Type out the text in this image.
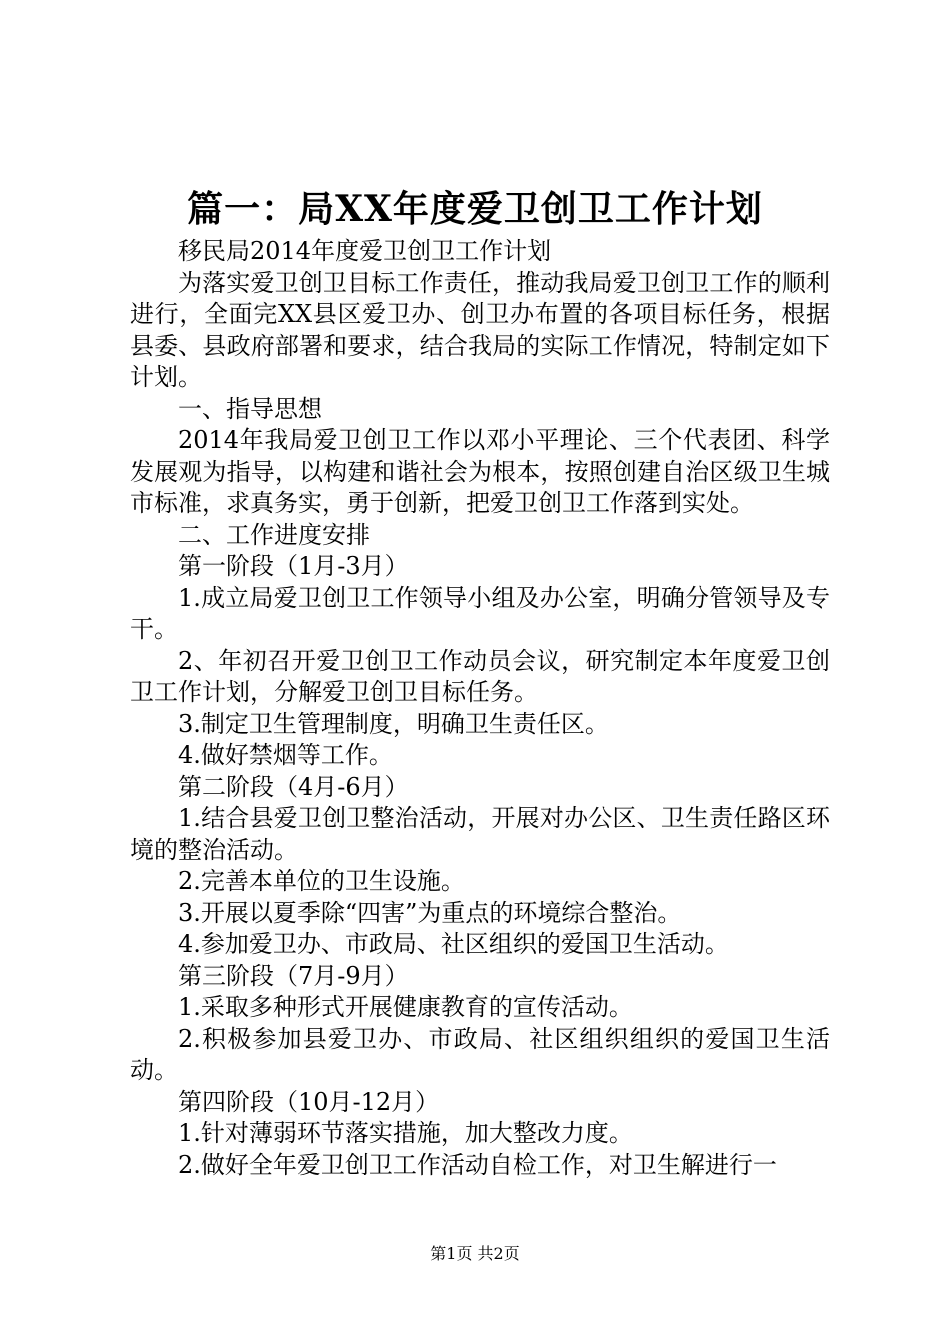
篇一：局XX年度爱卫创卫工作计划

移民局2014年度爱卫创卫工作计划

为落实爱卫创卫目标工作责任，推动我局爱卫创卫工作的顺利进行，全面完XX县区爱卫办、创卫办布置的各项目标任务，根据县委、县政府部署和要求，结合我局的实际工作情况，特制定如下计划。

一、指导思想

2014年我局爱卫创卫工作以邓小平理论、三个代表团、科学发展观为指导，以构建和谐社会为根本，按照创建自治区级卫生城市标准，求真务实，勇于创新，把爱卫创卫工作落到实处。

二、工作进度安排

第一阶段（1月-3月）

1.成立局爱卫创卫工作领导小组及办公室，明确分管领导及专干。

2、年初召开爱卫创卫工作动员会议，研究制定本年度爱卫创卫工作计划，分解爱卫创卫目标任务。

3.制定卫生管理制度，明确卫生责任区。

4.做好禁烟等工作。

第二阶段（4月-6月）

1.结合县爱卫创卫整治活动，开展对办公区、卫生责任路区环境的整治活动。

2.完善本单位的卫生设施。

3.开展以夏季除“四害”为重点的环境综合整治。

4.参加爱卫办、市政局、社区组织的爱国卫生活动。

第三阶段（7月-9月）

1.采取多种形式开展健康教育的宣传活动。

2.积极参加县爱卫办、市政局、社区组织组织的爱国卫生活动。

第四阶段（10月-12月）

1.针对薄弱环节落实措施，加大整改力度。

2.做好全年爱卫创卫工作活动自检工作，对卫生解进行一

第1页 共2页
